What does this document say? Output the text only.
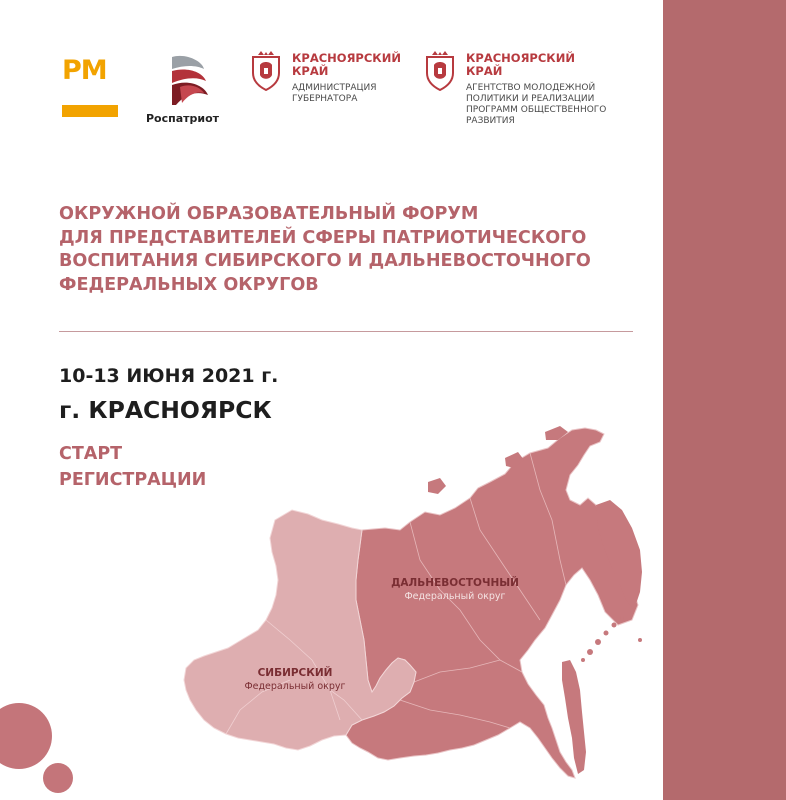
РМ
Роспатриот
КРАСНОЯРСКИЙ
КРАЙ
АДМИНИСТРАЦИЯ
ГУБЕРНАТОРА
КРАСНОЯРСКИЙ
КРАЙ
АГЕНТСТВО МОЛОДЕЖНОЙ
ПОЛИТИКИ И РЕАЛИЗАЦИИ
ПРОГРАММ ОБЩЕСТВЕННОГО
РАЗВИТИЯ
ОКРУЖНОЙ ОБРАЗОВАТЕЛЬНЫЙ ФОРУМ
ДЛЯ ПРЕДСТАВИТЕЛЕЙ СФЕРЫ ПАТРИОТИЧЕСКОГО
ВОСПИТАНИЯ СИБИРСКОГО И ДАЛЬНЕВОСТОЧНОГО
ФЕДЕРАЛЬНЫХ ОКРУГОВ
10-13 ИЮНЯ 2021 г.
г. КРАСНОЯРСК
СТАРТ
РЕГИСТРАЦИИ
ДАЛЬНЕВОСТОЧНЫЙ
Федеральный округ
СИБИРСКИЙ
Федеральный округ
